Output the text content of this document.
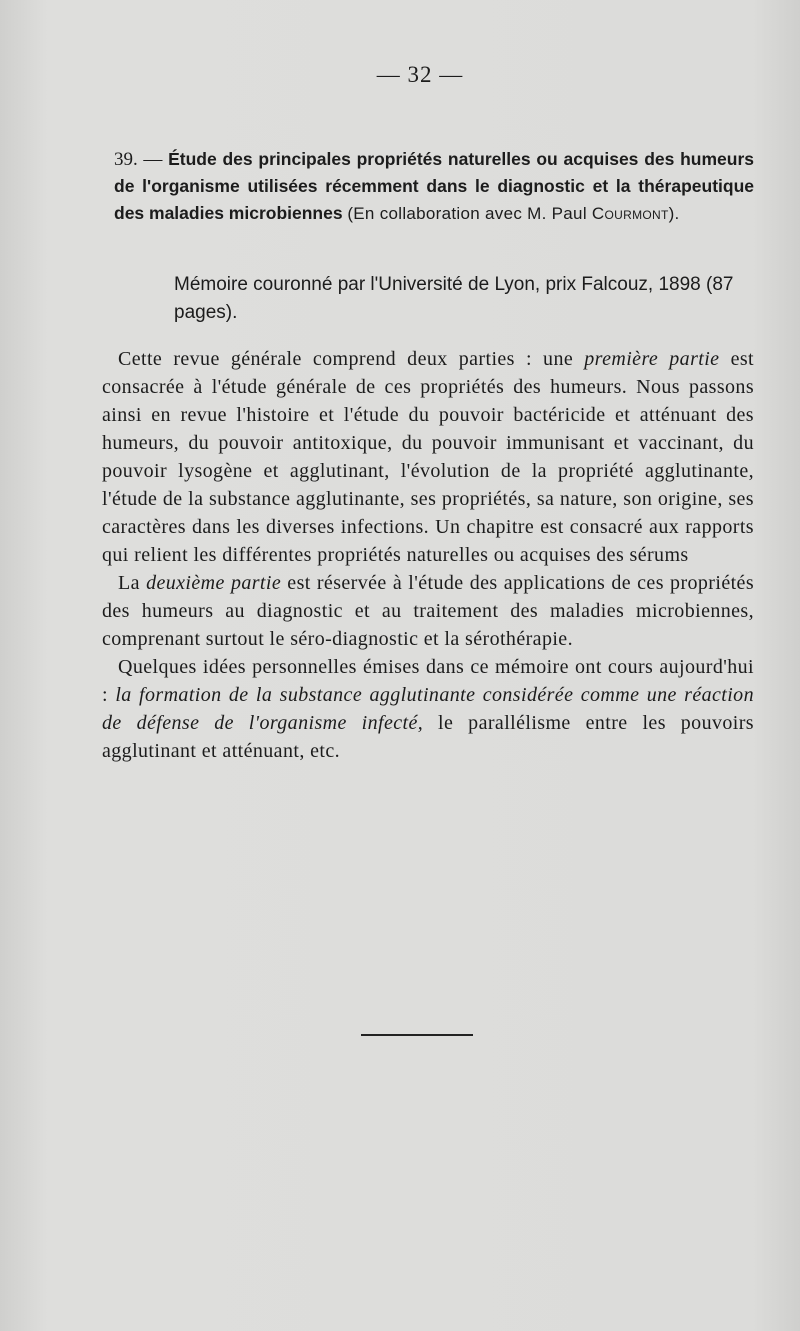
— 32 —
39. — Étude des principales propriétés naturelles ou acquises des humeurs de l'organisme utilisées récemment dans le diagnostic et la thérapeutique des maladies microbiennes (En collaboration avec M. Paul Courmont).
Mémoire couronné par l'Université de Lyon, prix Falcouz, 1898 (87 pages).

Cette revue générale comprend deux parties : une première partie est consacrée à l'étude générale de ces propriétés des humeurs. Nous passons ainsi en revue l'histoire et l'étude du pouvoir bactéricide et atténuant des humeurs, du pouvoir antitoxique, du pouvoir immunisant et vaccinant, du pouvoir lysogène et agglutinant, l'évolution de la propriété agglutinante, l'étude de la substance agglutinante, ses propriétés, sa nature, son origine, ses caractères dans les diverses infections. Un chapitre est consacré aux rapports qui relient les différentes propriétés naturelles ou acquises des sérums

La deuxième partie est réservée à l'étude des applications de ces propriétés des humeurs au diagnostic et au traitement des maladies microbiennes, comprenant surtout le séro-diagnostic et la sérothérapie.

Quelques idées personnelles émises dans ce mémoire ont cours aujourd'hui : la formation de la substance agglutinante considérée comme une réaction de défense de l'organisme infecté, le parallélisme entre les pouvoirs agglutinant et atténuant, etc.
